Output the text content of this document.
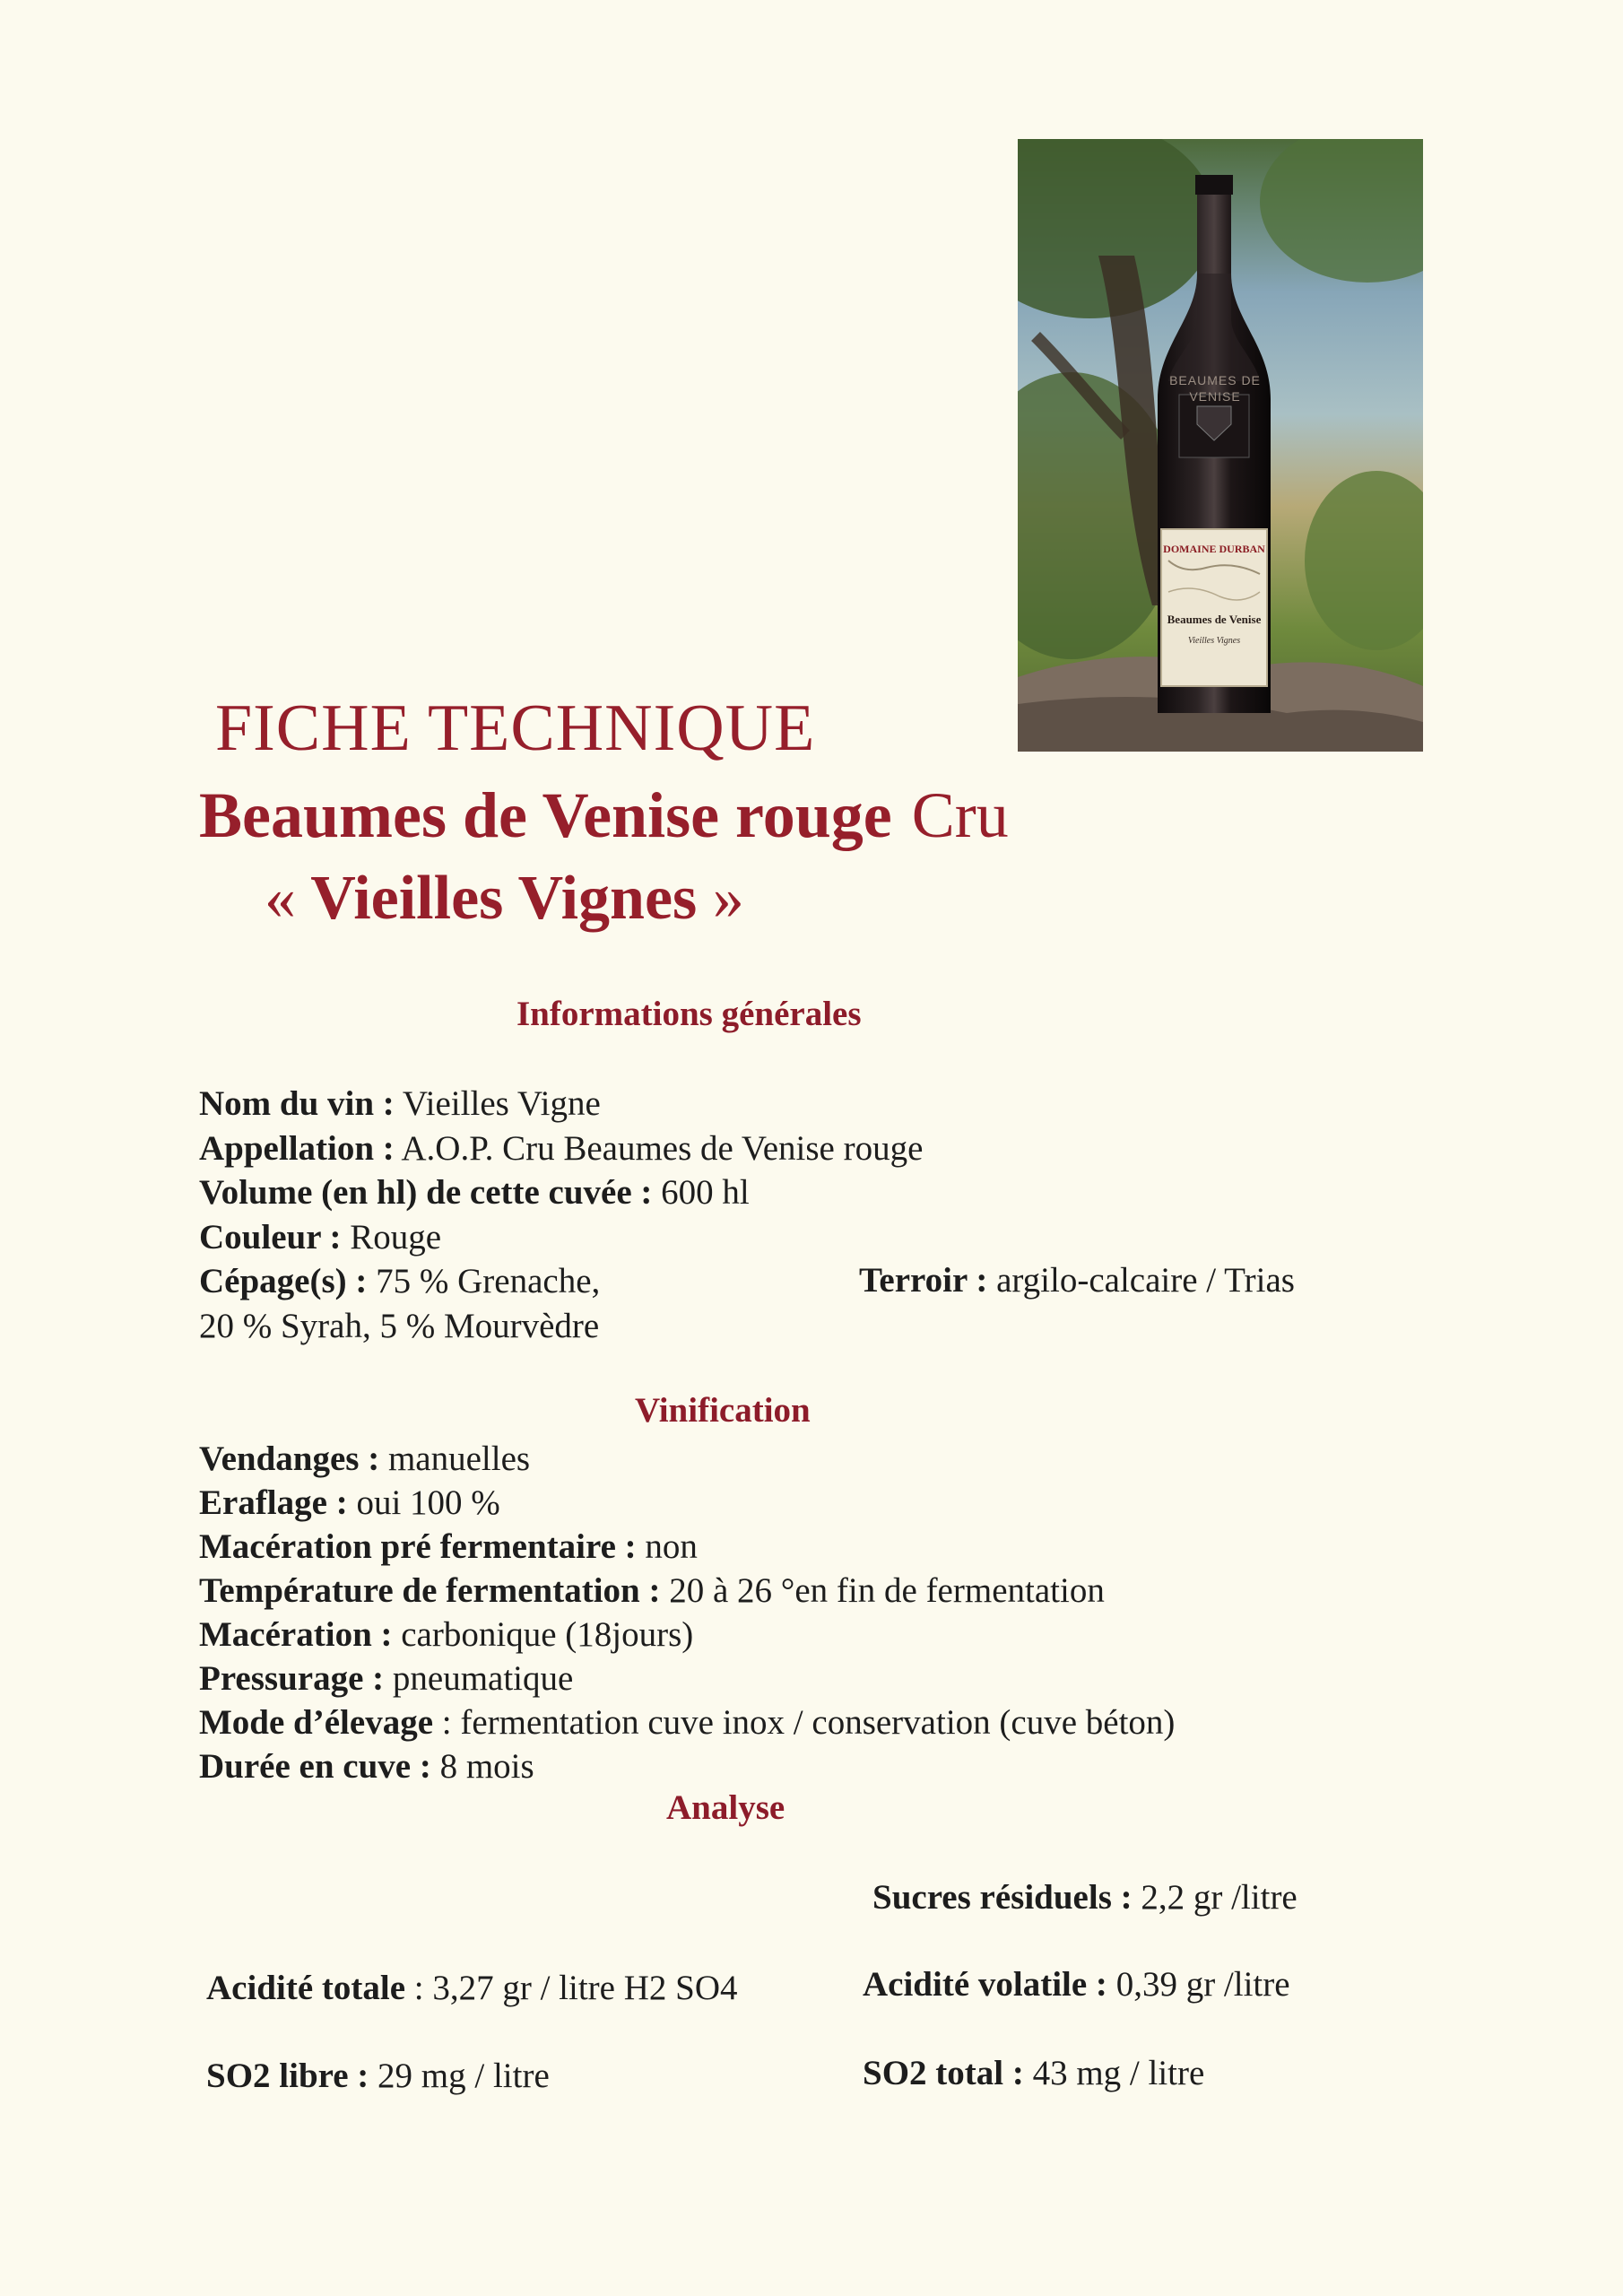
BEAUMES DE VENISE
DOMAINE DURBAN
Beaumes de Venise
Vieilles Vignes
FICHE TECHNIQUE
Beaumes de Venise rouge Cru
« Vieilles Vignes »
Informations générales
Nom du vin : Vieilles Vigne
Appellation : A.O.P. Cru Beaumes de Venise rouge
Volume (en hl) de cette cuvée : 600 hl
Couleur : Rouge
Cépage(s) : 75 % Grenache,
20 % Syrah, 5 % Mourvèdre
Terroir : argilo-calcaire / Trias
Vinification
Vendanges : manuelles
Eraflage : oui 100 %
Macération pré fermentaire : non
Température de fermentation : 20 à 26 °en fin de fermentation
Macération : carbonique (18jours)
Pressurage : pneumatique
Mode d’élevage : fermentation cuve inox / conservation (cuve béton)
Durée en cuve : 8 mois
Analyse
Sucres résiduels : 2,2 gr /litre
Acidité totale : 3,27 gr / litre H2 SO4	Acidité volatile : 0,39 gr /litre
SO2 libre : 29 mg / litre	SO2 total : 43 mg / litre
